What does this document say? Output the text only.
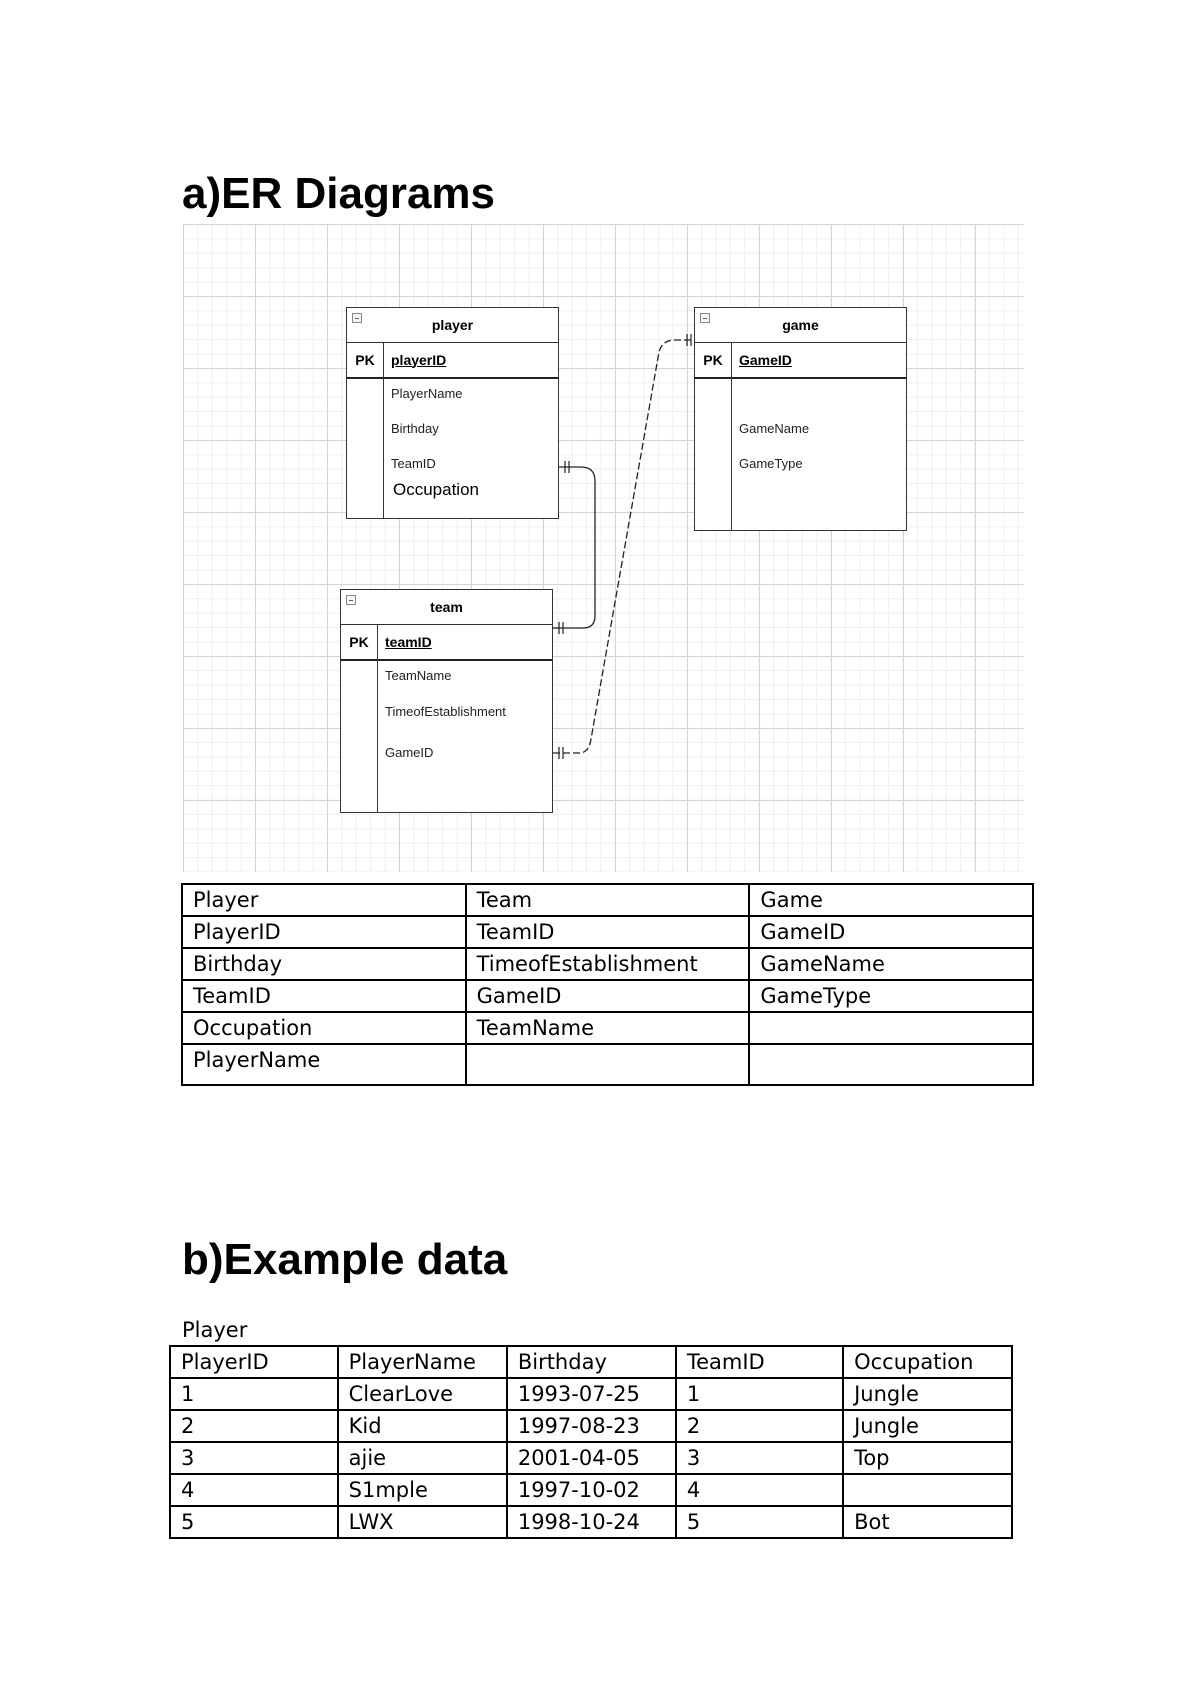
a)ER Diagrams
player
PK	playerID
PlayerName
Birthday
TeamID
Occupation
game
PK	GameID
GameName
GameType
team
PK	teamID
TeamName
TimeofEstablishment
GameID
Player	Team	Game
PlayerID	TeamID	GameID
Birthday	TimeofEstablishment	GameName
TeamID	GameID	GameType
Occupation	TeamName	
PlayerName		
b)Example data
Player
PlayerID	PlayerName	Birthday	TeamID	Occupation
1	ClearLove	1993-07-25	1	Jungle
2	Kid	1997-08-23	2	Jungle
3	ajie	2001-04-05	3	Top
4	S1mple	1997-10-02	4	
5	LWX	1998-10-24	5	Bot
